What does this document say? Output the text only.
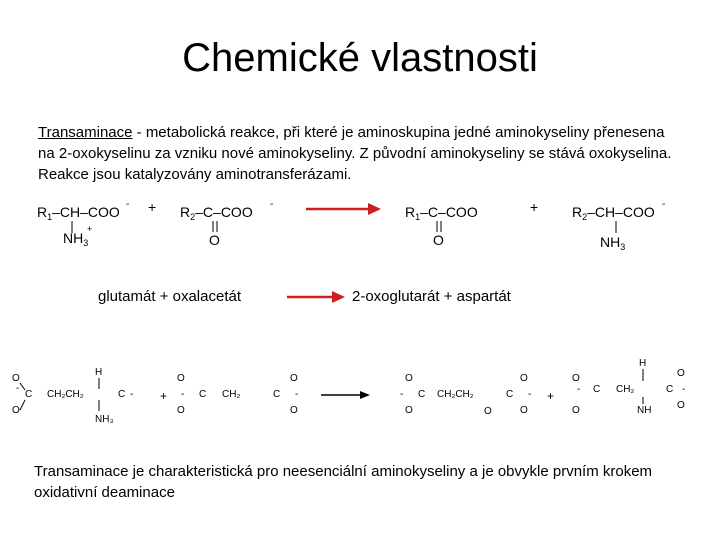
Chemické vlastnosti
Transaminace - metabolická reakce, při které je aminoskupina jedné aminokyseliny přenesena na 2-oxokyselinu za vzniku nové aminokyseliny. Z původní aminokyseliny se stává oxokyselina. Reakce jsou katalyzovány aminotransferázami.
$R_1-CH$–COO -
$NH_3$
+
+ $R_2-C$–COO -
O
$R_1-C$–COO
O
+ $R_2-CH$–COO -
$NH_3$
O
O
C
-
CH₂CH₂	C
H
NH₃
- +
O
O
C
-	CH₂	C
O
O
-
O
O
- C CH₂CH₂	C
O
O
O
- +
O
O
C
-	CH₂
H
NH
C
O
O
-
glutamát + oxalacetát	2-oxoglutarát + aspartát
Transaminace je charakteristická pro neesenciální aminokyseliny a je obvykle prvním krokem oxidativní deaminace
